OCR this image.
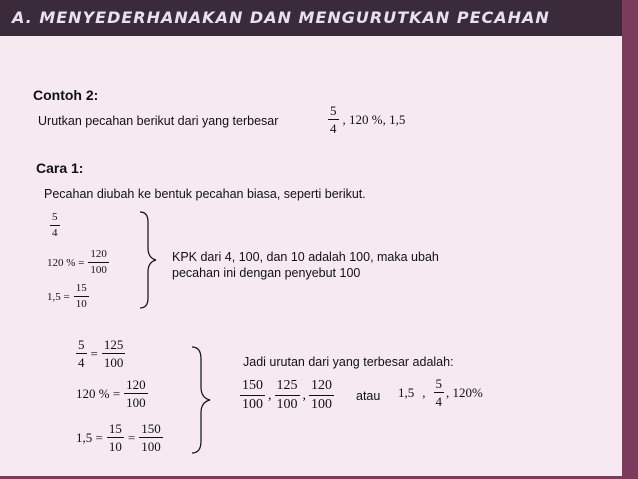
A. MENYEDERHANAKAN DAN MENGURUTKAN PECAHAN
Contoh 2:
Urutkan pecahan berikut dari yang terbesar	$\frac{5}{4}$ , 120 %, 1,5
Cara 1:
Pecahan diubah ke bentuk pecahan biasa, seperti berikut.
$\frac{5}{4}$
120 % = $\frac{120}{100}$
$1,5 = \frac{15}{10}$
KPK dari 4, 100, dan 10 adalah 100, maka ubah
pecahan ini dengan penyebut 100
$\frac{5}{4} = \frac{125}{100}$
120 % = $\frac{120}{100}$
$1,5 = \frac{15}{10} = \frac{150}{100}$
Jadi urutan dari yang terbesar adalah:
$\frac{150}{100}$ , $\frac{125}{100}$ , $\frac{120}{100}$ atau 1,5 , $\frac{5}{4}$ , 120%
